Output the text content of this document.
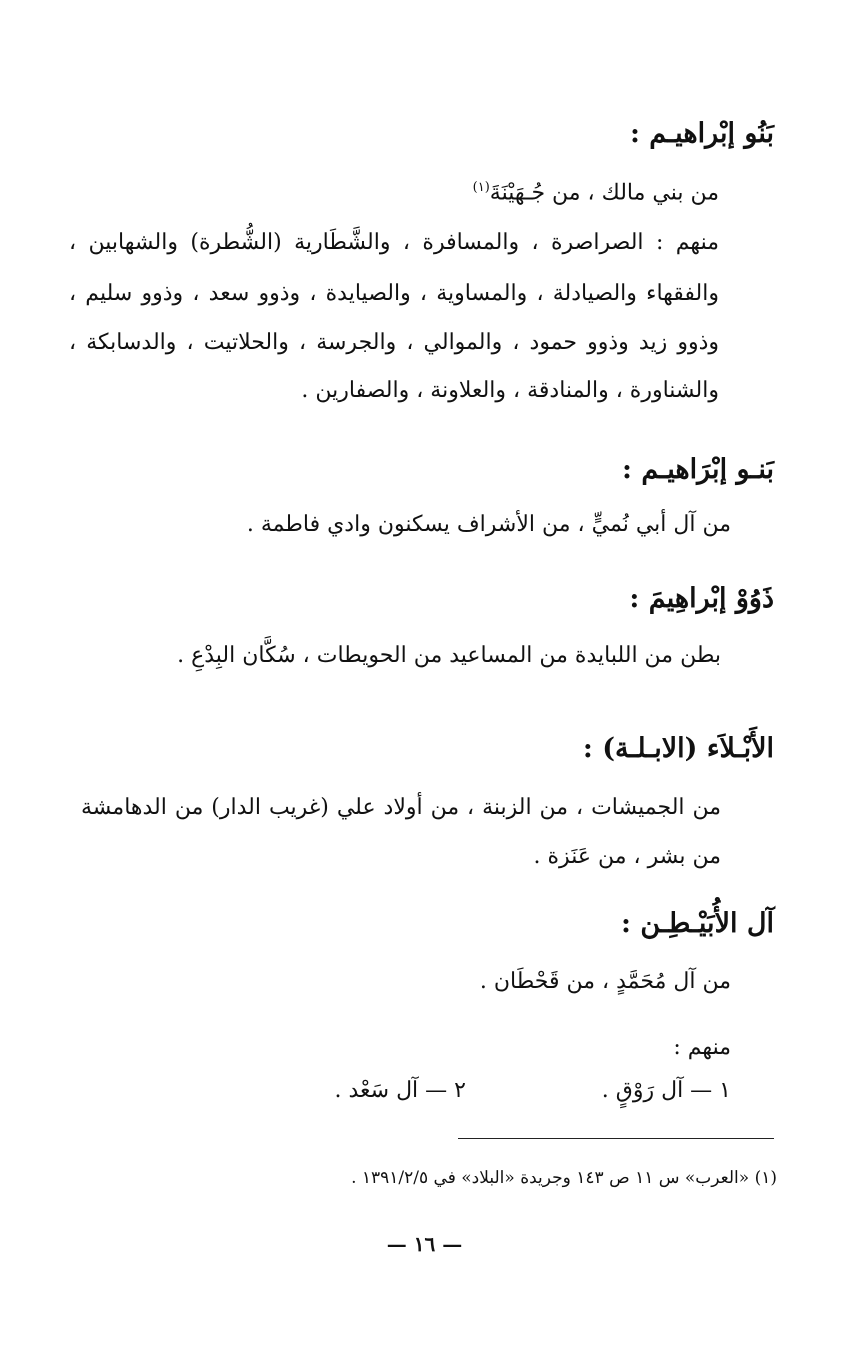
بَنُو إبْراهيـم :
من بني مالك ، من جُـهَيْنَةَ$^{(١)}$
منهم : الصراصرة ، والمسافرة ، والشَّطَارية (الشُّطرة) والشهابين ،
والفقهاء والصيادلة ، والمساوية ، والصيايدة ، وذوو سعد ، وذوو سليم ،
وذوو زيد وذوو حمود ، والموالي ، والجرسة ، والحلاتيت ، والدسابكة ،
والشناورة ، والمنادقة ، والعلاونة ، والصفارين .
بَنـو إبْرَاهيـم :
من آل أبي نُميٍّ ، من الأشراف يسكنون وادي فاطمة .
ذَوُوْ إبْراهِيمَ :
بطن من اللبايدة من المساعيد من الحويطات ، سُكَّان البِدْعِ .
الأَبْـلاَء (الابـلـة) :
من الجميشات ، من الزبنة ، من أولاد علي (غريب الدار) من الدهامشة
من بشر ، من عَنَزة .
آل الأُبَيْـطِـن :
من آل مُحَمَّدٍ ، من قَحْطَان .
منهم :
١ — آل رَوْقٍ .
٢ — آل سَعْد .
(١) «العرب» س ١١ ص ١٤٣ وجريدة «البلاد» في ١٣٩١/٢/٥ .
— ١٦ —
